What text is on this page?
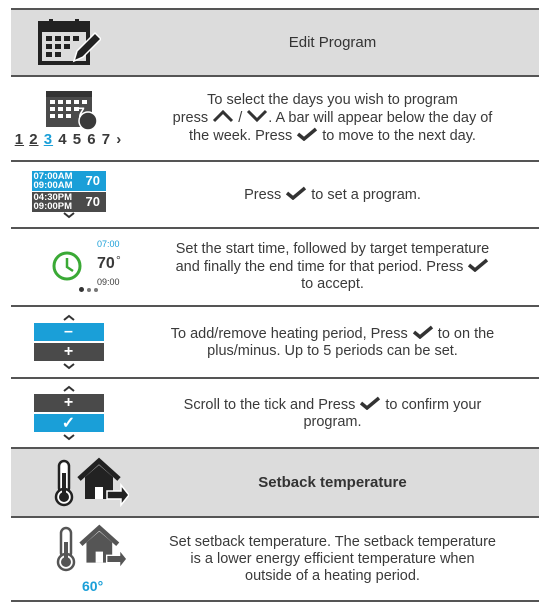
Edit Program
7
1 2 3 4 5 6 7 ›
To select the days you wish to program
press / . A bar will appear below the day of
the week. Press to move to the next day.
07:00AM
09:00AM 70
04:30PM
09:00PM	70	Press to set a program.
07:00
70 °
09:00
Set the start time, followed by target temperature
and finally the end time for that period. Press
to accept.
–
+
To add/remove heating period, Press to on the
plus/minus. Up to 5 periods can be set.
+
✓
Scroll to the tick and Press to confirm your
program.
Setback temperature
60°
Set setback temperature. The setback temperature
is a lower energy efficient temperature when
outside of a heating period.
